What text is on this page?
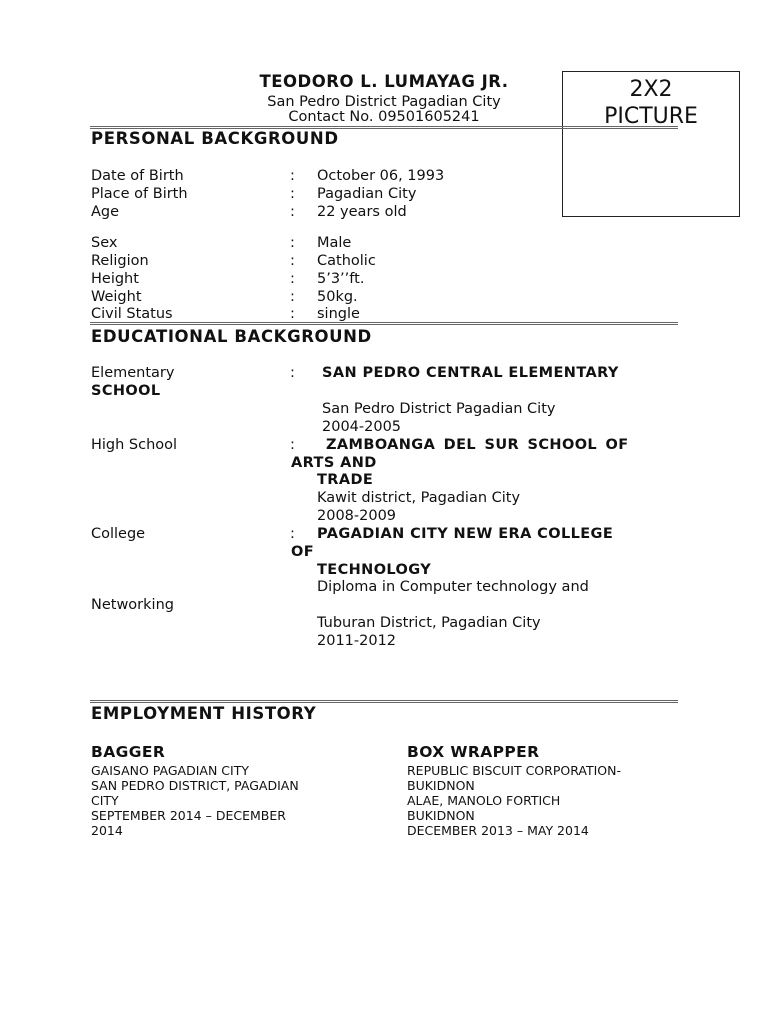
TEODORO L. LUMAYAG JR.
San Pedro District Pagadian City
Contact No. 09501605241
2X2
PICTURE
PERSONAL BACKGROUND
Date of Birth	: October 06, 1993
Place of Birth	: Pagadian City
Age	: 22 years old
Sex	: Male
Religion	: Catholic
Height	: 5’3’’ft.
Weight	: 50kg.
Civil Status	: single
EDUCATIONAL BACKGROUND
Elementary	: SAN PEDRO CENTRAL ELEMENTARY
SCHOOL
San Pedro District Pagadian City
2004-2005
High School	: ZAMBOANGA DEL SUR SCHOOL OF
ARTS AND
TRADE
Kawit district, Pagadian City
2008-2009
College	: PAGADIAN CITY NEW ERA COLLEGE
OF
TECHNOLOGY
Diploma in Computer technology and
Networking
Tuburan District, Pagadian City
2011-2012
EMPLOYMENT HISTORY
BAGGER
GAISANO PAGADIAN CITY
SAN PEDRO DISTRICT, PAGADIAN
CITY
SEPTEMBER 2014 – DECEMBER
2014
BOX WRAPPER
REPUBLIC BISCUIT CORPORATION-
BUKIDNON
ALAE, MANOLO FORTICH
BUKIDNON
DECEMBER 2013 – MAY 2014
